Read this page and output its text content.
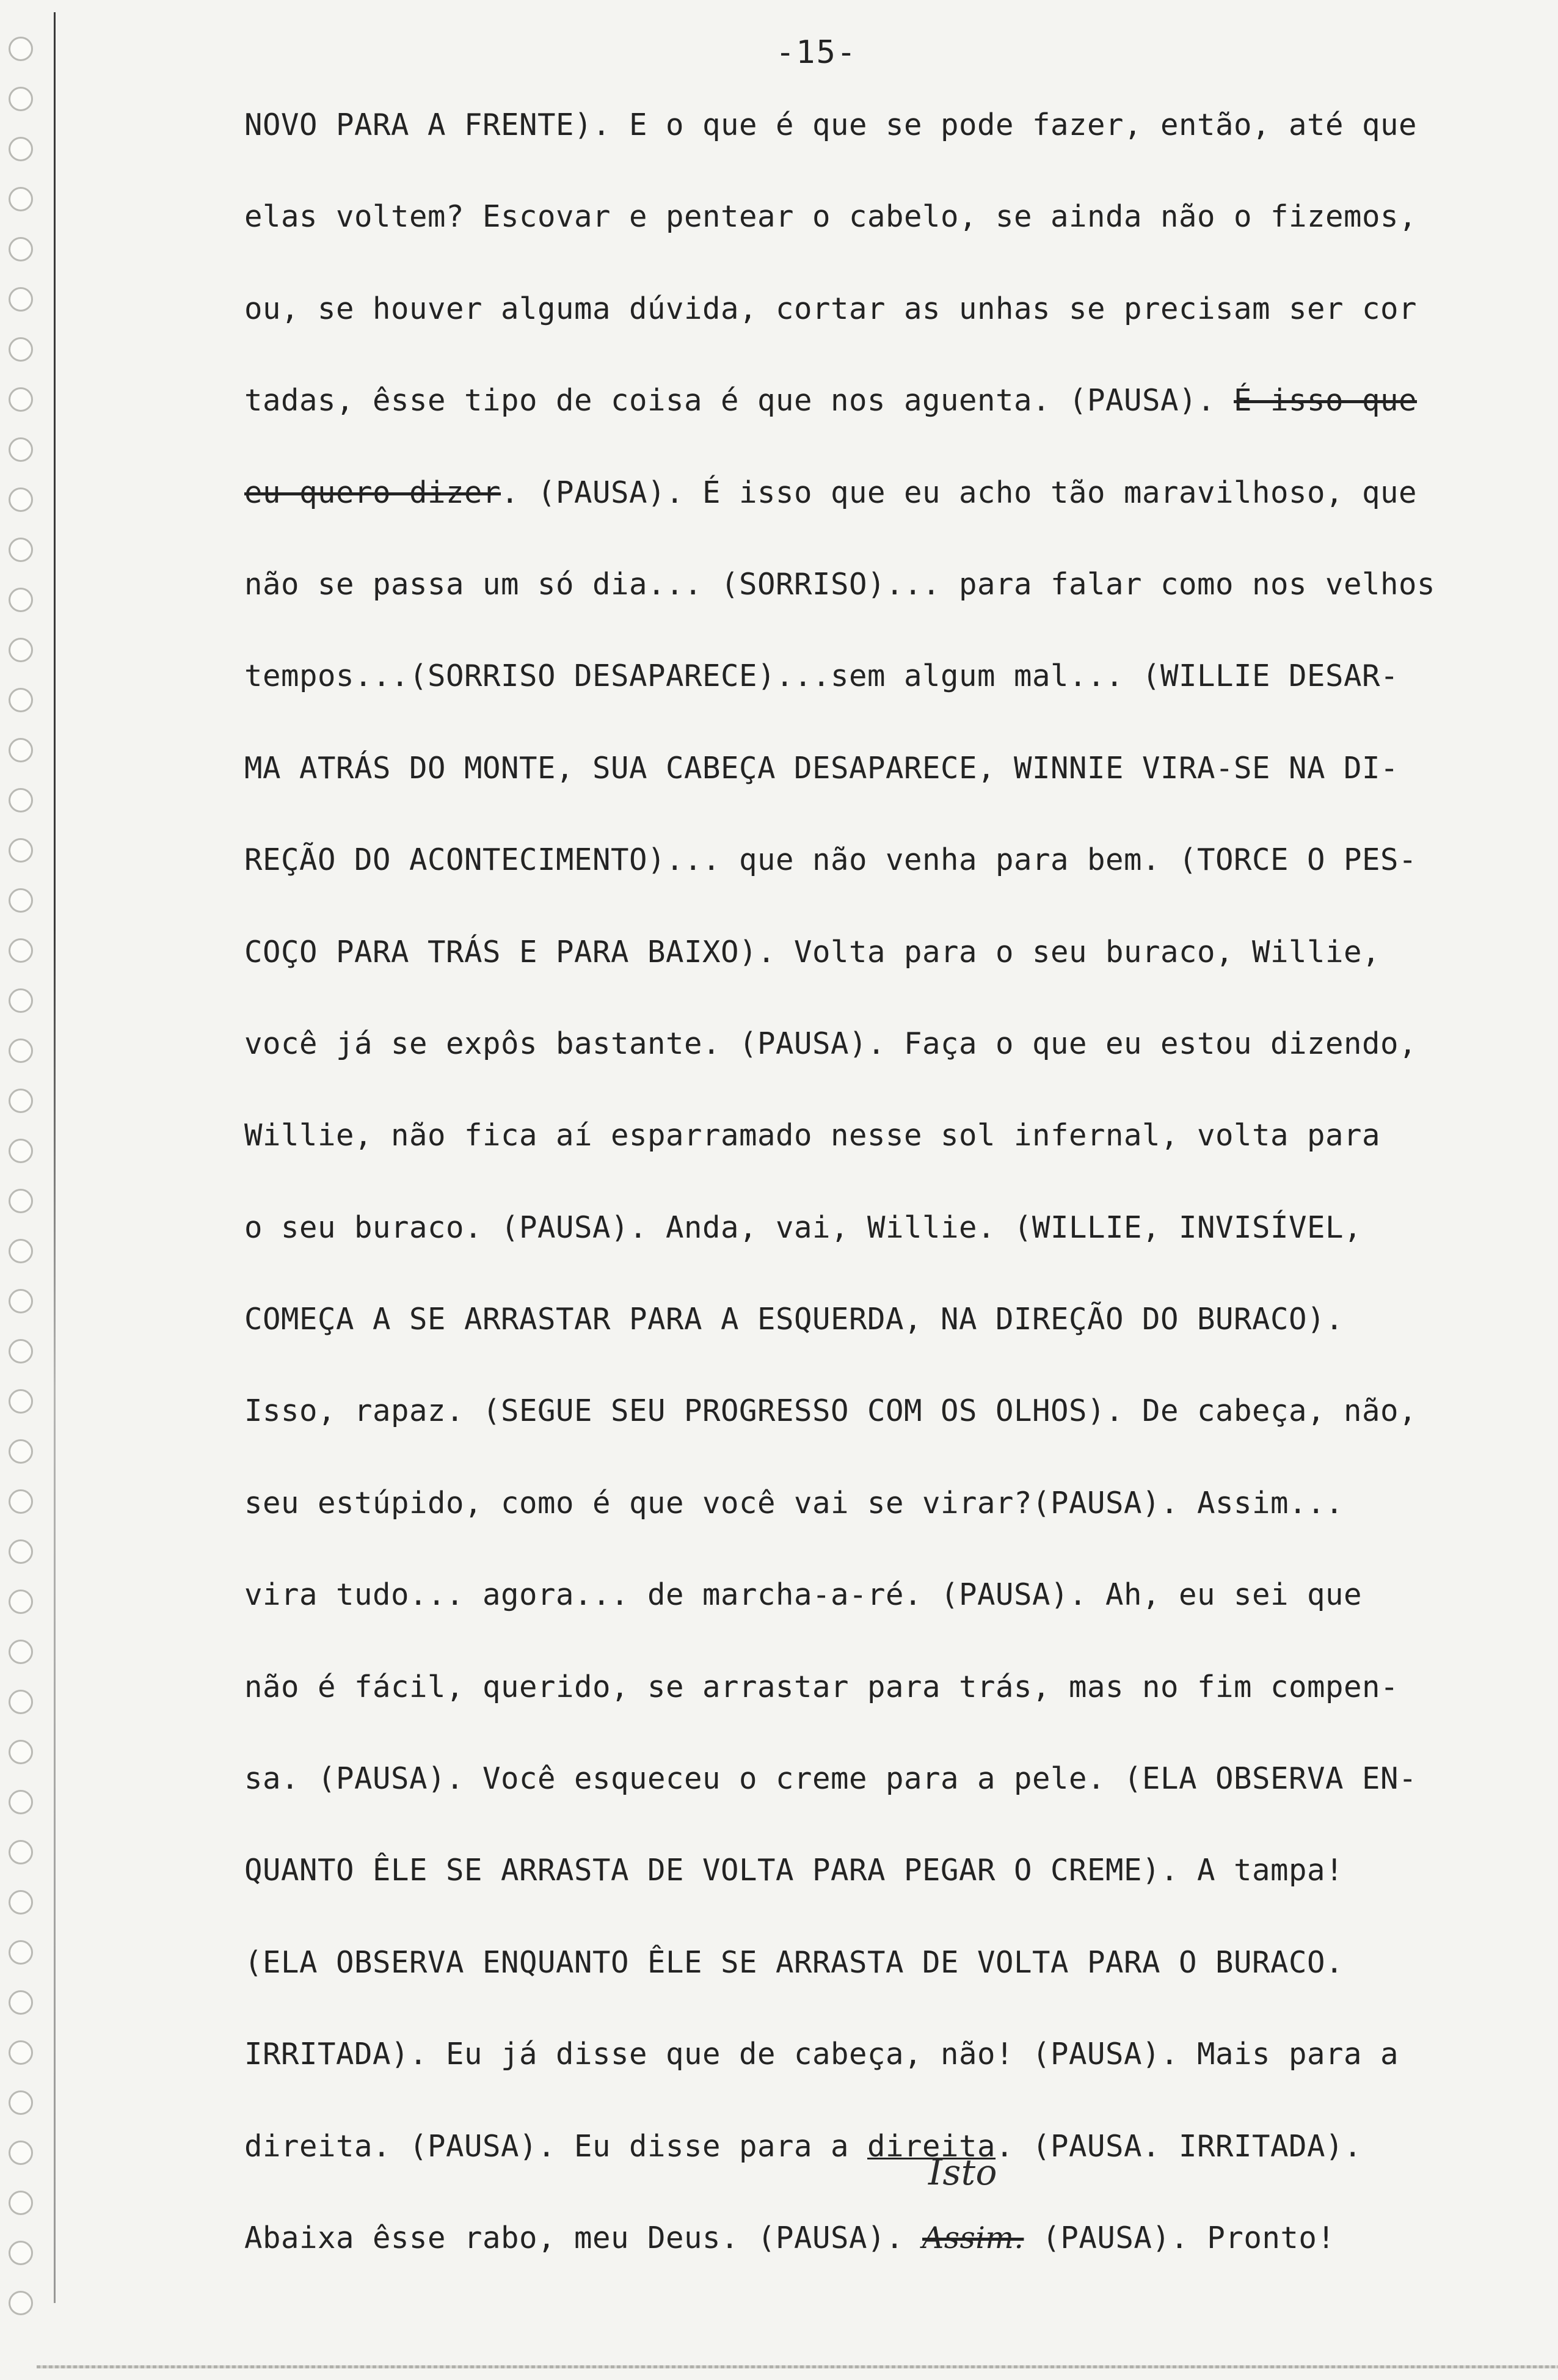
-15-
NOVO PARA A FRENTE). E o que é que se pode fazer, então, até que
elas voltem? Escovar e pentear o cabelo, se ainda não o fizemos,
ou, se houver alguma dúvida, cortar as unhas se precisam ser cor
tadas, êsse tipo de coisa é que nos aguenta. (PAUSA). É isso que
eu quero dizer. (PAUSA). É isso que eu acho tão maravilhoso, que
não se passa um só dia... (SORRISO)... para falar como nos velhos
tempos...(SORRISO DESAPARECE)...sem algum mal... (WILLIE DESAR-
MA ATRÁS DO MONTE, SUA CABEÇA DESAPARECE, WINNIE VIRA-SE NA DI-
REÇÃO DO ACONTECIMENTO)... que não venha para bem. (TORCE O PES-
COÇO PARA TRÁS E PARA BAIXO). Volta para o seu buraco, Willie,
você já se expôs bastante. (PAUSA). Faça o que eu estou dizendo,
Willie, não fica aí esparramado nesse sol infernal, volta para
o seu buraco. (PAUSA). Anda, vai, Willie. (WILLIE, INVISÍVEL,
COMEÇA A SE ARRASTAR PARA A ESQUERDA, NA DIREÇÃO DO BURACO).
Isso, rapaz. (SEGUE SEU PROGRESSO COM OS OLHOS). De cabeça, não,
seu estúpido, como é que você vai se virar?(PAUSA). Assim...
vira tudo... agora... de marcha-a-ré. (PAUSA). Ah, eu sei que
não é fácil, querido, se arrastar para trás, mas no fim compen-
sa. (PAUSA). Você esqueceu o creme para a pele. (ELA OBSERVA EN-
QUANTO ÊLE SE ARRASTA DE VOLTA PARA PEGAR O CREME). A tampa!
(ELA OBSERVA ENQUANTO ÊLE SE ARRASTA DE VOLTA PARA O BURACO.
IRRITADA). Eu já disse que de cabeça, não! (PAUSA). Mais para a
direita. (PAUSA). Eu disse para a direita. (PAUSA. IRRITADA).
Abaixa êsse rabo, meu Deus. (PAUSA).
Isto
Assim. (PAUSA). Pronto!
